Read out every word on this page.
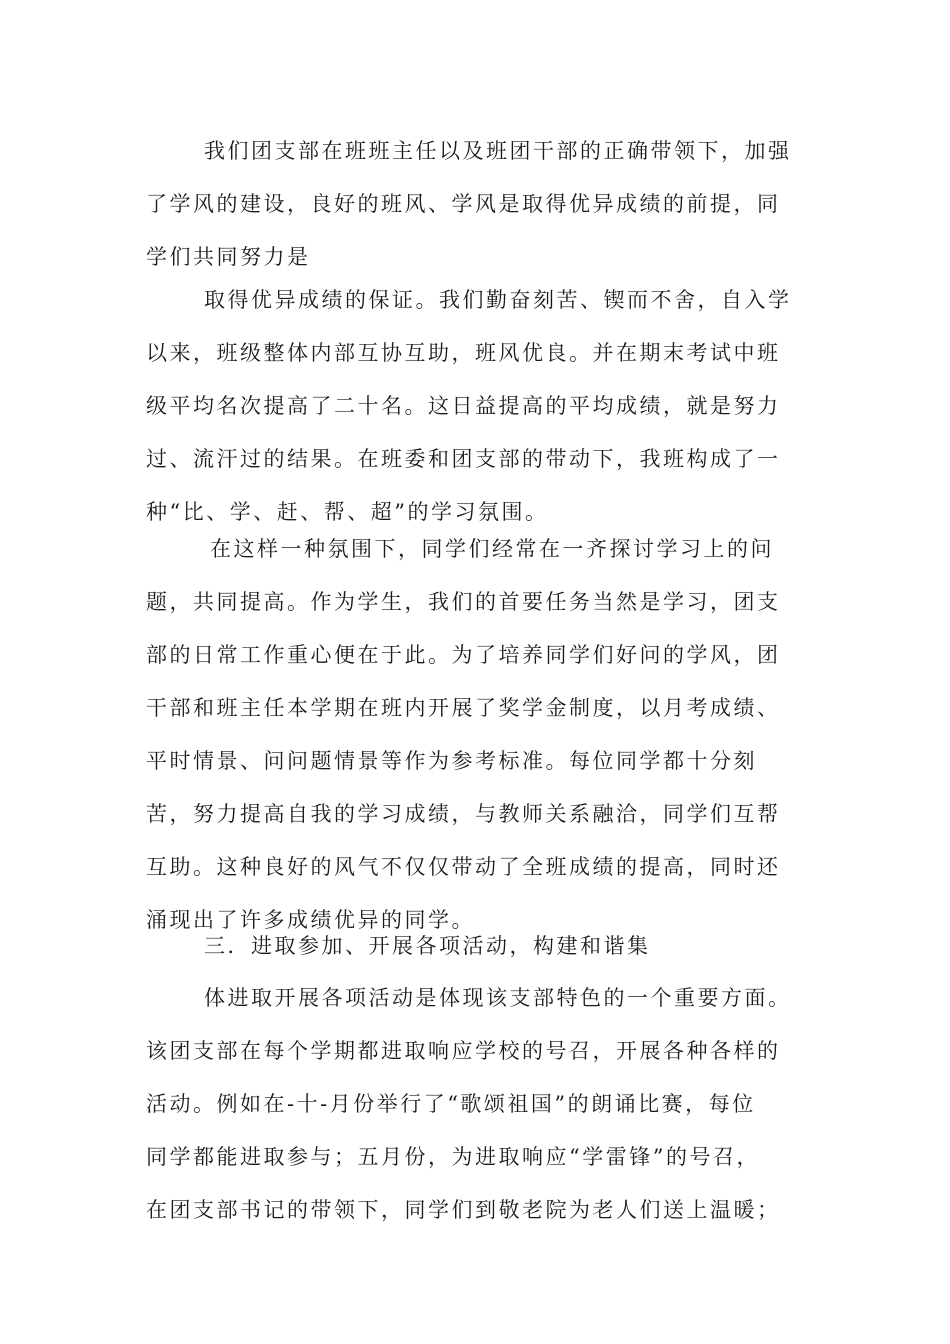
我们团支部在班班主任以及班团干部的正确带领下，加强
了学风的建设，良好的班风、学风是取得优异成绩的前提，同
学们共同努力是

取得优异成绩的保证。我们勤奋刻苦、锲而不舍，自入学
以来，班级整体内部互协互助，班风优良。并在期末考试中班
级平均名次提高了二十名。这日益提高的平均成绩，就是努力
过、流汗过的结果。在班委和团支部的带动下，我班构成了一
种“比、学、赶、帮、超”的学习氛围。

在这样一种氛围下，同学们经常在一齐探讨学习上的问
题，共同提高。作为学生，我们的首要任务当然是学习，团支
部的日常工作重心便在于此。为了培养同学们好问的学风，团
干部和班主任本学期在班内开展了奖学金制度，以月考成绩、
平时情景、问问题情景等作为参考标准。每位同学都十分刻
苦，努力提高自我的学习成绩，与教师关系融洽，同学们互帮
互助。这种良好的风气不仅仅带动了全班成绩的提高，同时还
涌现出了许多成绩优异的同学。

三．进取参加、开展各项活动，构建和谐集

体进取开展各项活动是体现该支部特色的一个重要方面。
该团支部在每个学期都进取响应学校的号召，开展各种各样的
活动。例如在-十-月份举行了“歌颂祖国”的朗诵比赛，每位
同学都能进取参与；五月份，为进取响应“学雷锋”的号召，
在团支部书记的带领下，同学们到敬老院为老人们送上温暖；
